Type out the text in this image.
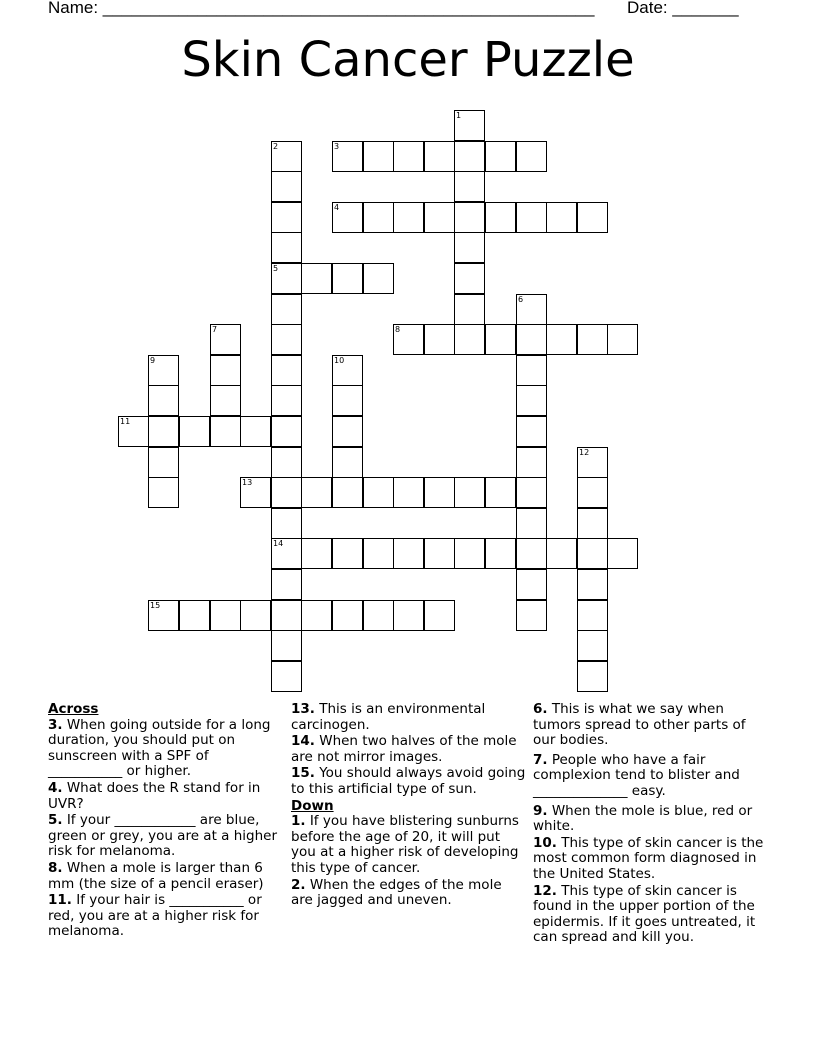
Name: ____________________________________________________ Date: _______
Skin Cancer Puzzle
3
4
5
8
11
13
14
15
1
2
6
7
9	10
12

Across

3. When going outside for a long duration, you should put on sunscreen with a SPF of ___________ or higher.

4. What does the R stand for in UVR?

5. If your ____________ are blue, green or grey, you are at a higher risk for melanoma.

8. When a mole is larger than 6 mm (the size of a pencil eraser)

11. If your hair is ___________ or red, you are at a higher risk for melanoma.

13. This is an environmental carcinogen.

14. When two halves of the mole are not mirror images.

15. You should always avoid going to this artificial type of sun.

Down

1. If you have blistering sunburns before the age of 20, it will put you at a higher risk of developing this type of cancer.

2. When the edges of the mole are jagged and uneven.

6. This is what we say when tumors spread to other parts of our bodies.

7. People who have a fair complexion tend to blister and ______________ easy.

9. When the mole is blue, red or white.

10. This type of skin cancer is the most common form diagnosed in the United States.

12. This type of skin cancer is found in the upper portion of the epidermis. If it goes untreated, it can spread and kill you.
